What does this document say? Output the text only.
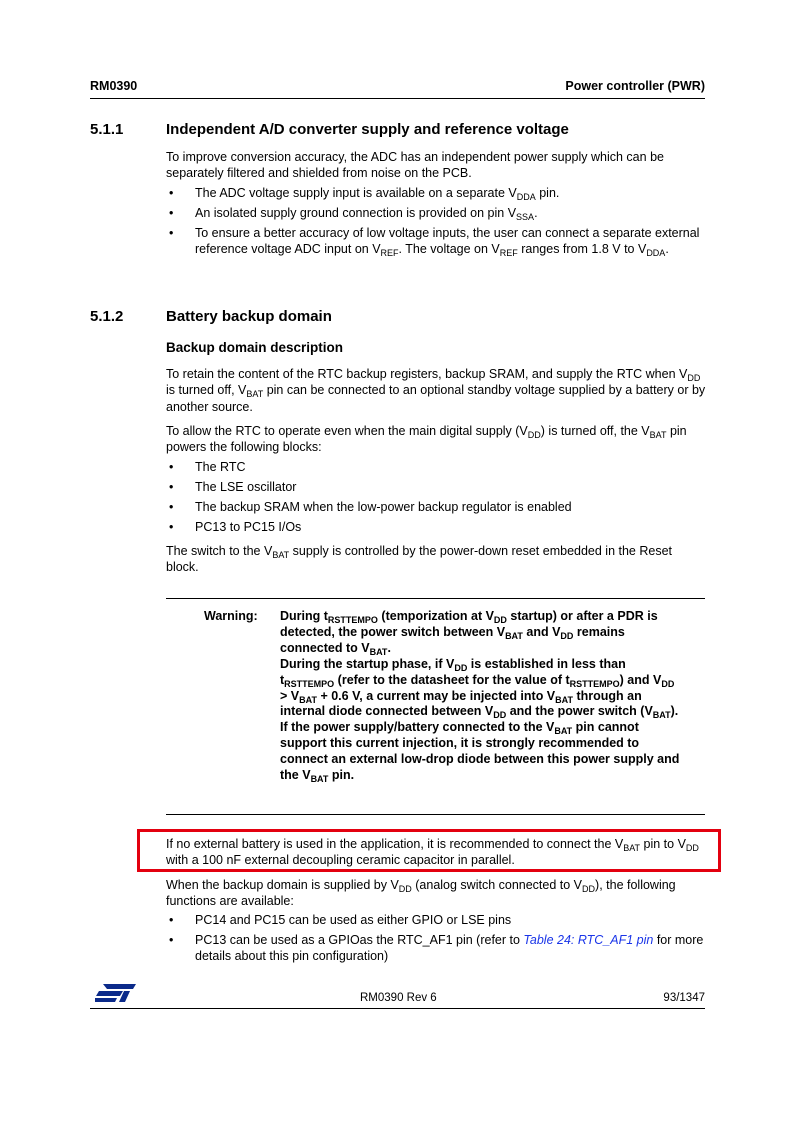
RM0390	Power controller (PWR)
5.1.1	Independent A/D converter supply and reference voltage

To improve conversion accuracy, the ADC has an independent power supply which can be separately filtered and shielded from noise on the PCB.

• The ADC voltage supply input is available on a separate $V_{DDA}$ pin.
• An isolated supply ground connection is provided on pin $V_{SSA}$.
• To ensure a better accuracy of low voltage inputs, the user can connect a separate external reference voltage ADC input on $V_{REF}$. The voltage on $V_{REF}$ ranges from 1.8 V to $V_{DDA}$.
5.1.2	Battery backup domain
Backup domain description

To retain the content of the RTC backup registers, backup SRAM, and supply the RTC when $V_{DD}$ is turned off, $V_{BAT}$ pin can be connected to an optional standby voltage supplied by a battery or by another source.

To allow the RTC to operate even when the main digital supply $(V_{DD})$ is turned off, the $V_{BAT}$ pin powers the following blocks:

• The RTC
• The LSE oscillator
• The backup SRAM when the low-power backup regulator is enabled
• PC13 to PC15 I/Os

The switch to the $V_{BAT}$ supply is controlled by the power-down reset embedded in the Reset block.

Warning: During $t_{RSTTEMPO}$ (temporization at $V_{DD}$ startup) or after a PDR is detected, the power switch between $V_{BAT}$ and $V_{DD}$ remains connected to $V_{BAT}$.
During the startup phase, if $V_{DD}$ is established in less than $t_{RSTTEMPO}$ (refer to the datasheet for the value of $t_{RSTTEMPO}$) and $V_{DD} > V_{BAT} + 0.6$ V, a current may be injected into $V_{BAT}$ through an internal diode connected between $V_{DD}$ and the power switch $(V_{BAT})$.
If the power supply/battery connected to the $V_{BAT}$ pin cannot support this current injection, it is strongly recommended to connect an external low-drop diode between this power supply and the $V_{BAT}$ pin.

If no external battery is used in the application, it is recommended to connect the $V_{BAT}$ pin to $V_{DD}$ with a 100 nF external decoupling ceramic capacitor in parallel.

When the backup domain is supplied by $V_{DD}$ (analog switch connected to $V_{DD}$), the following functions are available:

• PC14 and PC15 can be used as either GPIO or LSE pins
• PC13 can be used as a GPIOas the RTC_AF1 pin (refer to Table 24: RTC_AF1 pin for more details about this pin configuration)
RM0390 Rev 6	93/1347
